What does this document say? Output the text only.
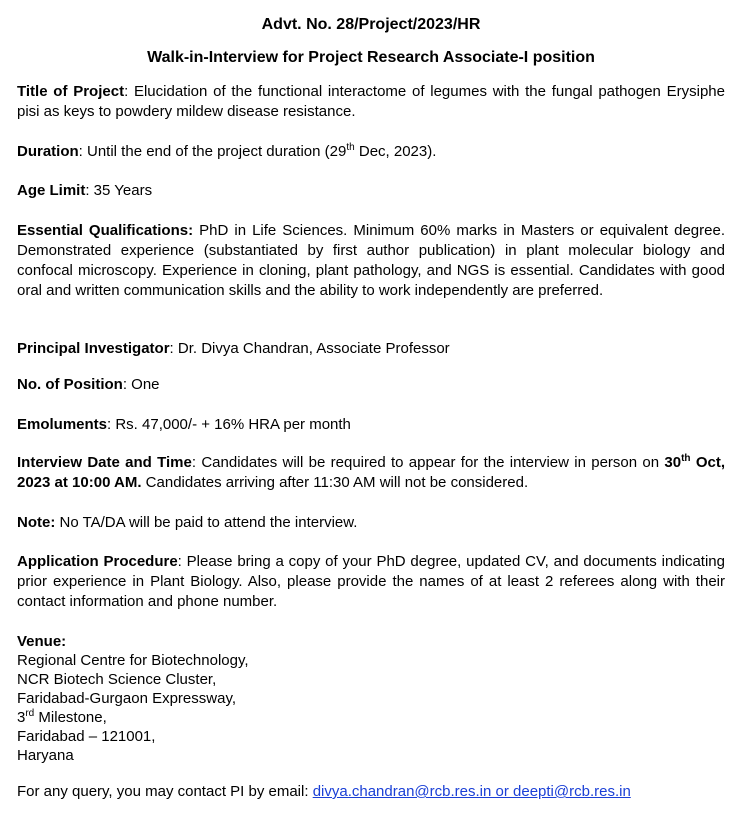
Advt. No. 28/Project/2023/HR
Walk-in-Interview for Project Research Associate-I position
Title of Project: Elucidation of the functional interactome of legumes with the fungal pathogen Erysiphe pisi as keys to powdery mildew disease resistance.
Duration: Until the end of the project duration (29th Dec, 2023).
Age Limit: 35 Years
Essential Qualifications: PhD in Life Sciences. Minimum 60% marks in Masters or equivalent degree. Demonstrated experience (substantiated by first author publication) in plant molecular biology and confocal microscopy. Experience in cloning, plant pathology, and NGS is essential. Candidates with good oral and written communication skills and the ability to work independently are preferred.
Principal Investigator: Dr. Divya Chandran, Associate Professor
No. of Position: One
Emoluments: Rs. 47,000/- + 16% HRA per month
Interview Date and Time: Candidates will be required to appear for the interview in person on 30th Oct, 2023 at 10:00 AM. Candidates arriving after 11:30 AM will not be considered.
Note: No TA/DA will be paid to attend the interview.
Application Procedure: Please bring a copy of your PhD degree, updated CV, and documents indicating prior experience in Plant Biology. Also, please provide the names of at least 2 referees along with their contact information and phone number.
Venue:
Regional Centre for Biotechnology,
NCR Biotech Science Cluster,
Faridabad-Gurgaon Expressway,
3rd Milestone,
Faridabad – 121001,
Haryana
For any query, you may contact PI by email: divya.chandran@rcb.res.in or deepti@rcb.res.in
